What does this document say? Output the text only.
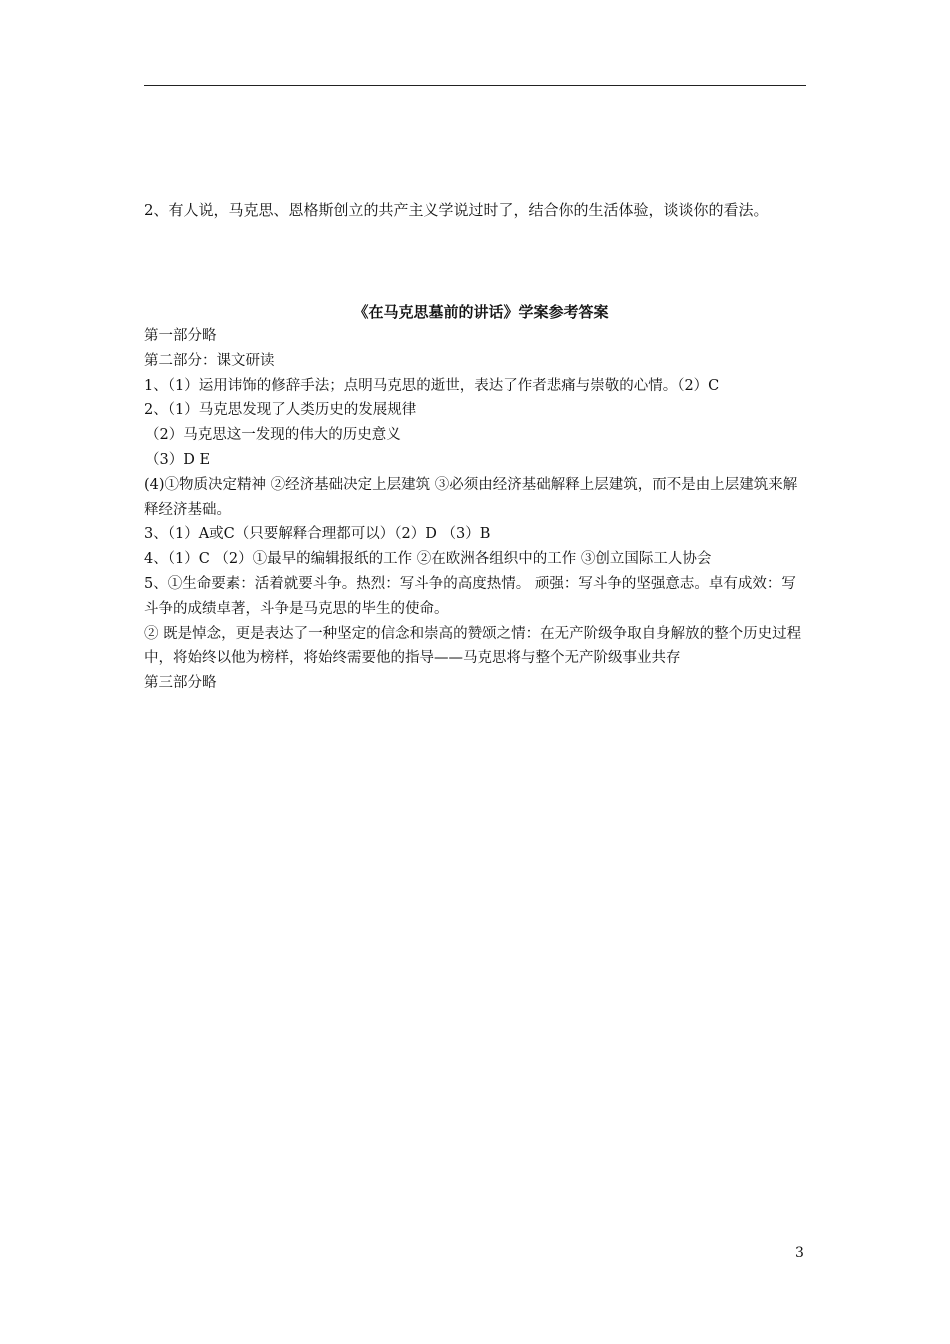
2、有人说，马克思、恩格斯创立的共产主义学说过时了，结合你的生活体验，谈谈你的看法。
《在马克思墓前的讲话》学案参考答案
第一部分略
第二部分：课文研读
1、（1）运用讳饰的修辞手法；点明马克思的逝世，表达了作者悲痛与崇敬的心情。（2）C
2、（1）马克思发现了人类历史的发展规律
（2）马克思这一发现的伟大的历史意义
（3）D E
(4)①物质决定精神 ②经济基础决定上层建筑 ③必须由经济基础解释上层建筑，而不是由上层建筑来解释经济基础。
3、（1）A或C（只要解释合理都可以）（2）D （3）B
4、（1）C （2）①最早的编辑报纸的工作 ②在欧洲各组织中的工作 ③创立国际工人协会
5、①生命要素：活着就要斗争。热烈：写斗争的高度热情。 顽强：写斗争的坚强意志。卓有成效：写斗争的成绩卓著，斗争是马克思的毕生的使命。
② 既是悼念，更是表达了一种坚定的信念和崇高的赞颂之情：在无产阶级争取自身解放的整个历史过程中，将始终以他为榜样，将始终需要他的指导——马克思将与整个无产阶级事业共存
第三部分略
3
